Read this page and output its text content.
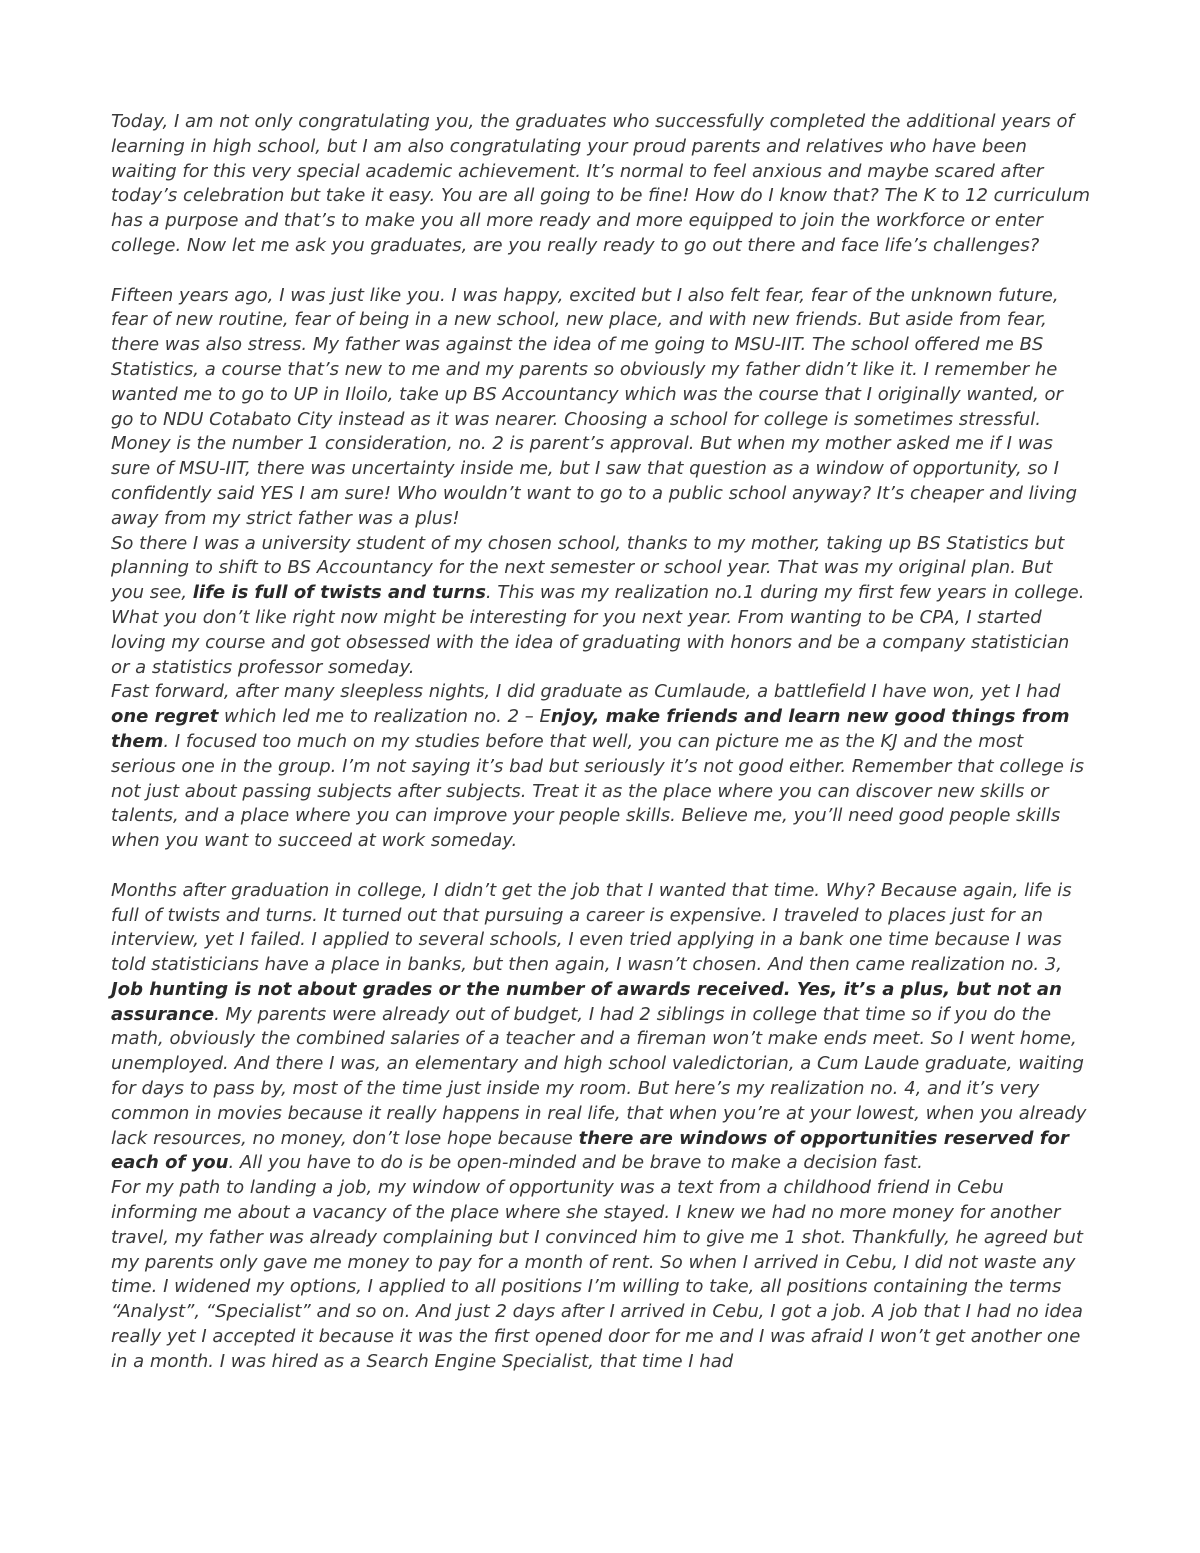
Today, I am not only congratulating you, the graduates who successfully completed the additional years of learning in high school, but I am also congratulating your proud parents and relatives who have been waiting for this very special academic achievement. It’s normal to feel anxious and maybe scared after today’s celebration but take it easy. You are all going to be fine! How do I know that? The K to 12 curriculum has a purpose and that’s to make you all more ready and more equipped to join the workforce or enter college. Now let me ask you graduates, are you really ready to go out there and face life’s challenges?

Fifteen years ago, I was just like you. I was happy, excited but I also felt fear, fear of the unknown future, fear of new routine, fear of being in a new school, new place, and with new friends. But aside from fear, there was also stress. My father was against the idea of me going to MSU-IIT. The school offered me BS Statistics, a course that’s new to me and my parents so obviously my father didn’t like it. I remember he wanted me to go to UP in Iloilo, take up BS Accountancy which was the course that I originally wanted, or go to NDU Cotabato City instead as it was nearer. Choosing a school for college is sometimes stressful. Money is the number 1 consideration, no. 2 is parent’s approval. But when my mother asked me if I was sure of MSU-IIT, there was uncertainty inside me, but I saw that question as a window of opportunity, so I confidently said YES I am sure! Who wouldn’t want to go to a public school anyway? It’s cheaper and living away from my strict father was a plus!

So there I was a university student of my chosen school, thanks to my mother, taking up BS Statistics but planning to shift to BS Accountancy for the next semester or school year. That was my original plan. But you see, life is full of twists and turns. This was my realization no.1 during my first few years in college. What you don’t like right now might be interesting for you next year. From wanting to be CPA, I started loving my course and got obsessed with the idea of graduating with honors and be a company statistician or a statistics professor someday.

Fast forward, after many sleepless nights, I did graduate as Cumlaude, a battlefield I have won, yet I had one regret which led me to realization no. 2 – Enjoy, make friends and learn new good things from them. I focused too much on my studies before that well, you can picture me as the KJ and the most serious one in the group. I’m not saying it’s bad but seriously it’s not good either. Remember that college is not just about passing subjects after subjects. Treat it as the place where you can discover new skills or talents, and a place where you can improve your people skills. Believe me, you’ll need good people skills when you want to succeed at work someday.

Months after graduation in college, I didn’t get the job that I wanted that time. Why? Because again, life is full of twists and turns. It turned out that pursuing a career is expensive. I traveled to places just for an interview, yet I failed. I applied to several schools, I even tried applying in a bank one time because I was told statisticians have a place in banks, but then again, I wasn’t chosen. And then came realization no. 3, Job hunting is not about grades or the number of awards received. Yes, it’s a plus, but not an assurance. My parents were already out of budget, I had 2 siblings in college that time so if you do the math, obviously the combined salaries of a teacher and a fireman won’t make ends meet. So I went home, unemployed. And there I was, an elementary and high school valedictorian, a Cum Laude graduate, waiting for days to pass by, most of the time just inside my room. But here’s my realization no. 4, and it’s very common in movies because it really happens in real life, that when you’re at your lowest, when you already lack resources, no money, don’t lose hope because there are windows of opportunities reserved for each of you. All you have to do is be open-minded and be brave to make a decision fast.

For my path to landing a job, my window of opportunity was a text from a childhood friend in Cebu informing me about a vacancy of the place where she stayed. I knew we had no more money for another travel, my father was already complaining but I convinced him to give me 1 shot. Thankfully, he agreed but my parents only gave me money to pay for a month of rent. So when I arrived in Cebu, I did not waste any time. I widened my options, I applied to all positions I’m willing to take, all positions containing the terms “Analyst”, “Specialist” and so on. And just 2 days after I arrived in Cebu, I got a job. A job that I had no idea really yet I accepted it because it was the first opened door for me and I was afraid I won’t get another one in a month. I was hired as a Search Engine Specialist, that time I had
